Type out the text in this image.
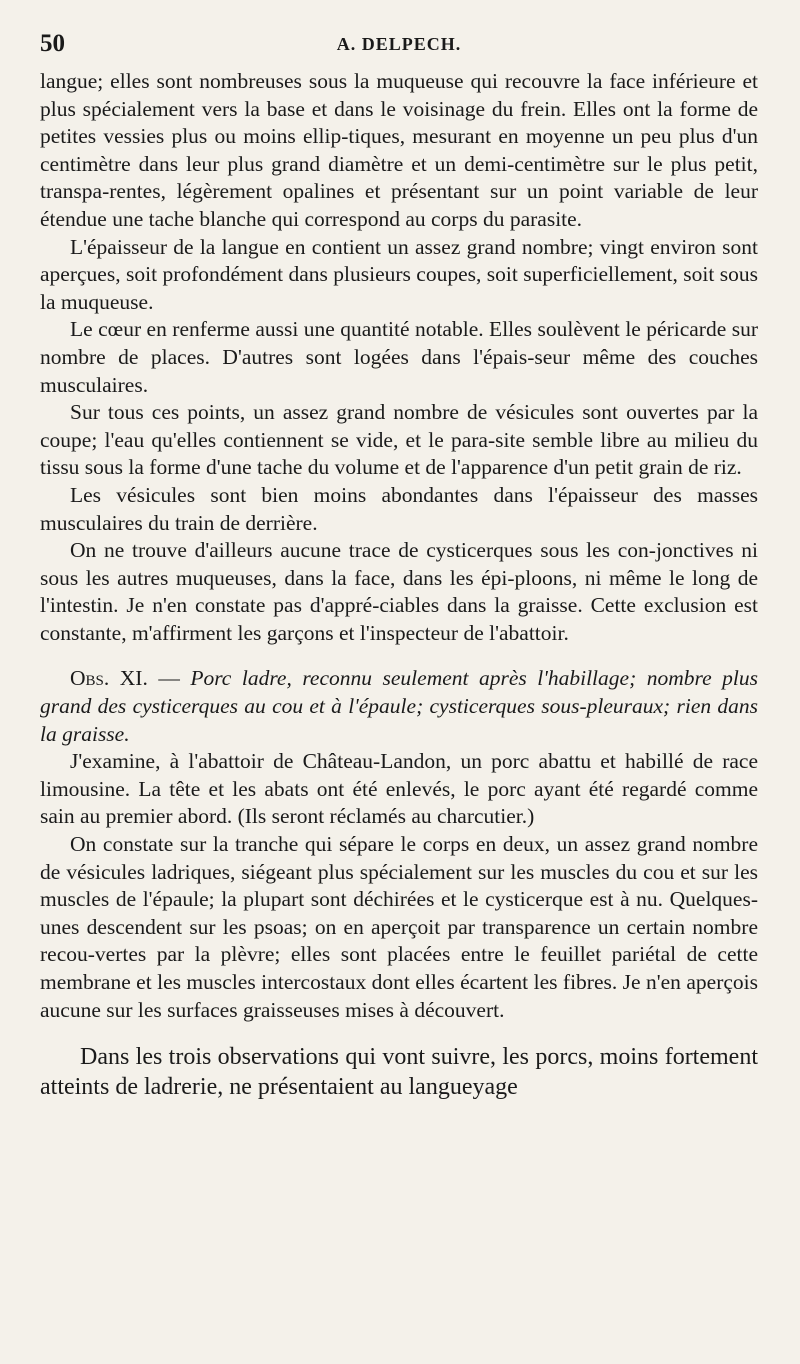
50	A. DELPECH.

langue; elles sont nombreuses sous la muqueuse qui recouvre la face inférieure et plus spécialement vers la base et dans le voisinage du frein. Elles ont la forme de petites vessies plus ou moins ellip-tiques, mesurant en moyenne un peu plus d'un centimètre dans leur plus grand diamètre et un demi-centimètre sur le plus petit, transpa-rentes, légèrement opalines et présentant sur un point variable de leur étendue une tache blanche qui correspond au corps du parasite.

L'épaisseur de la langue en contient un assez grand nombre; vingt environ sont aperçues, soit profondément dans plusieurs coupes, soit superficiellement, soit sous la muqueuse.

Le cœur en renferme aussi une quantité notable. Elles soulèvent le péricarde sur nombre de places. D'autres sont logées dans l'épais-seur même des couches musculaires.

Sur tous ces points, un assez grand nombre de vésicules sont ouvertes par la coupe; l'eau qu'elles contiennent se vide, et le para-site semble libre au milieu du tissu sous la forme d'une tache du volume et de l'apparence d'un petit grain de riz.

Les vésicules sont bien moins abondantes dans l'épaisseur des masses musculaires du train de derrière.

On ne trouve d'ailleurs aucune trace de cysticerques sous les con-jonctives ni sous les autres muqueuses, dans la face, dans les épi-ploons, ni même le long de l'intestin. Je n'en constate pas d'appré-ciables dans la graisse. Cette exclusion est constante, m'affirment les garçons et l'inspecteur de l'abattoir.

Obs. XI. — Porc ladre, reconnu seulement après l'habillage; nombre plus grand des cysticerques au cou et à l'épaule; cysticerques sous-pleuraux; rien dans la graisse.

J'examine, à l'abattoir de Château-Landon, un porc abattu et habillé de race limousine. La tête et les abats ont été enlevés, le porc ayant été regardé comme sain au premier abord. (Ils seront réclamés au charcutier.)

On constate sur la tranche qui sépare le corps en deux, un assez grand nombre de vésicules ladriques, siégeant plus spécialement sur les muscles du cou et sur les muscles de l'épaule; la plupart sont déchirées et le cysticerque est à nu. Quelques-unes descendent sur les psoas; on en aperçoit par transparence un certain nombre recou-vertes par la plèvre; elles sont placées entre le feuillet pariétal de cette membrane et les muscles intercostaux dont elles écartent les fibres. Je n'en aperçois aucune sur les surfaces graisseuses mises à découvert.

Dans les trois observations qui vont suivre, les porcs, moins fortement atteints de ladrerie, ne présentaient au langueyage
